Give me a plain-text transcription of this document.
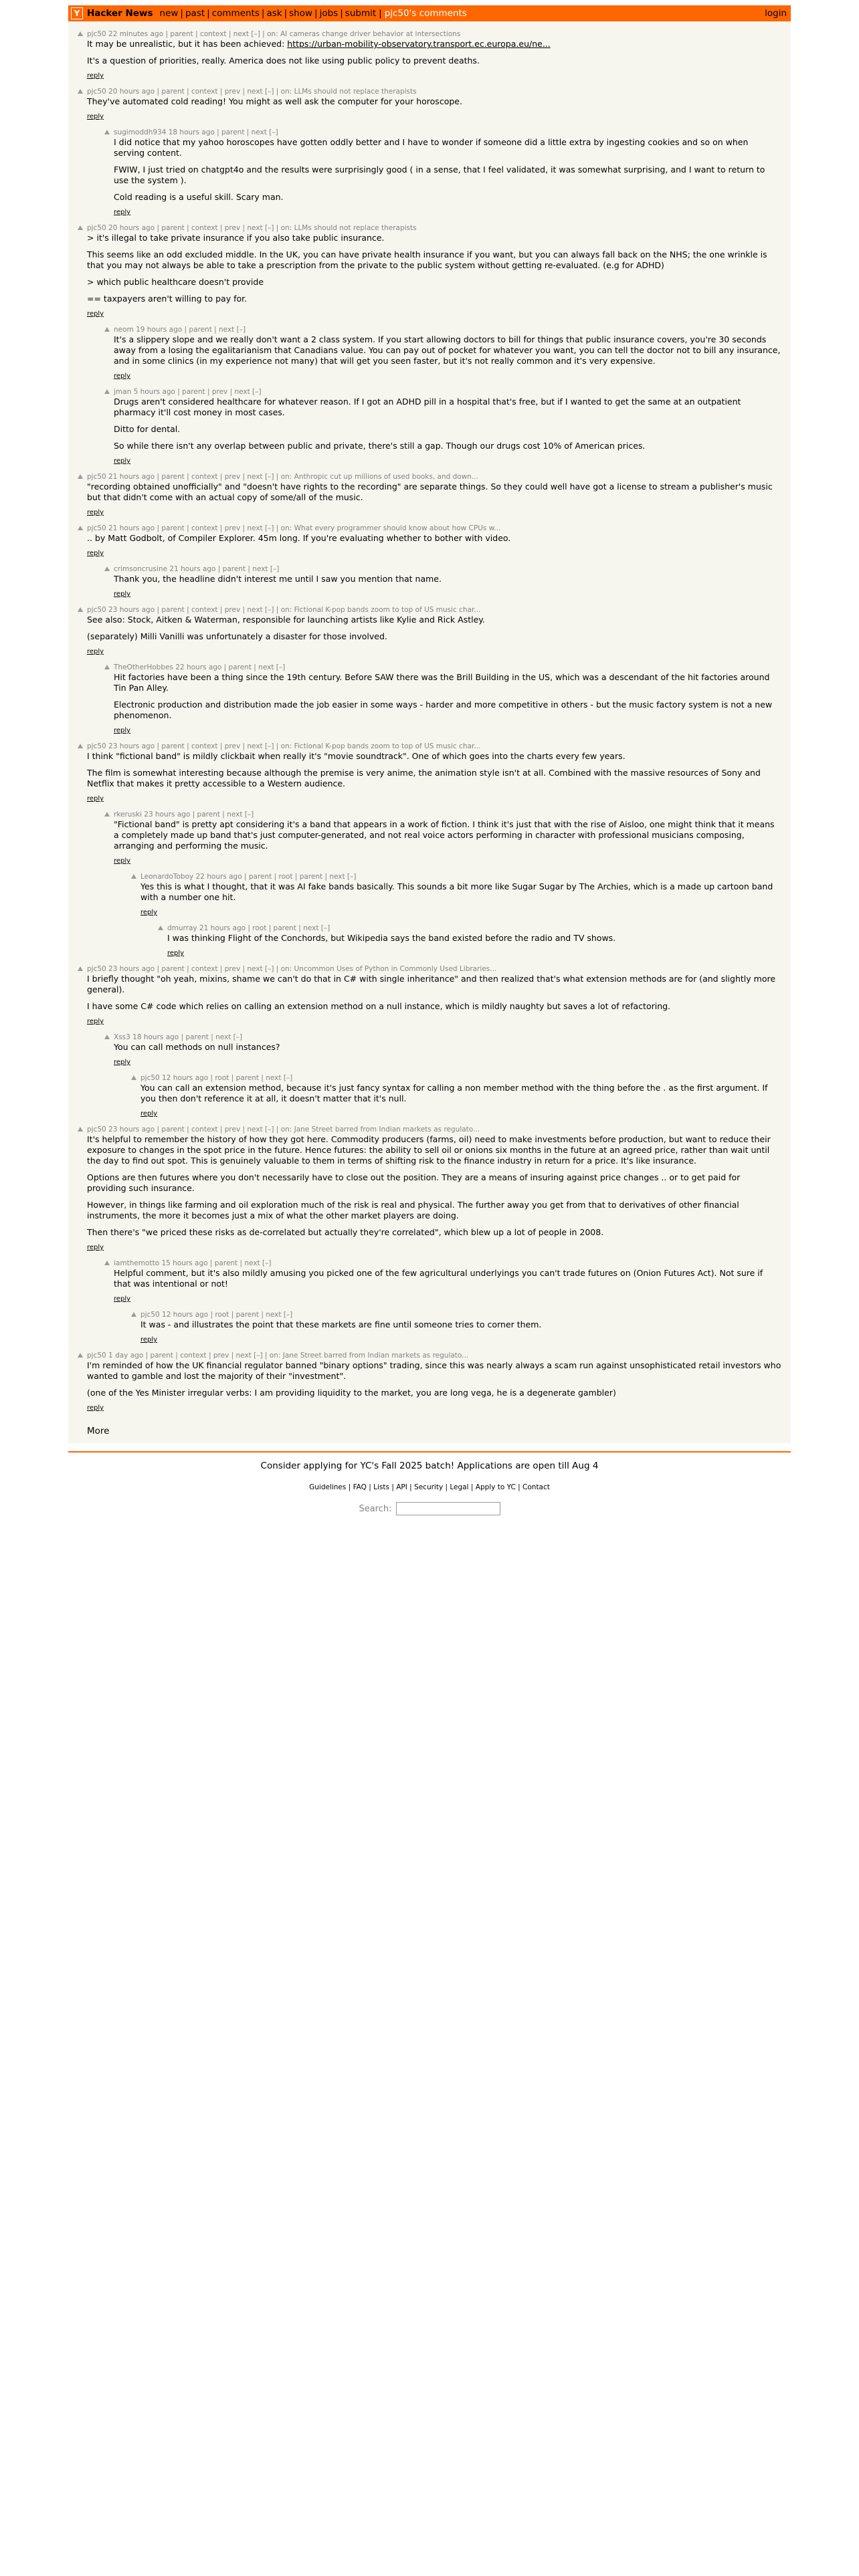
Y Hacker News new | past | comments | ask | show | jobs | submit | pjc50's comments	login
pjc50 22 minutes ago | parent | context | next [–] | on: AI cameras change driver behavior at intersections

It may be unrealistic, but it has been achieved: https://urban-mobility-observatory.transport.ec.europa.eu/ne...

It's a question of priorities, really. America does not like using public policy to prevent deaths.

reply
pjc50 20 hours ago | parent | context | prev | next [–] | on: LLMs should not replace therapists

They've automated cold reading! You might as well ask the computer for your horoscope.

reply
sugimoddh934 18 hours ago | parent | next [–]

I did notice that my yahoo horoscopes have gotten oddly better and I have to wonder if someone did a little extra by ingesting cookies and so on when serving content.

FWIW, I just tried on chatgpt4o and the results were surprisingly good ( in a sense, that I feel validated, it was somewhat surprising, and I want to return to use the system ).

Cold reading is a useful skill. Scary man.

reply
pjc50 20 hours ago | parent | context | prev | next [–] | on: LLMs should not replace therapists

> it's illegal to take private insurance if you also take public insurance.

This seems like an odd excluded middle. In the UK, you can have private health insurance if you want, but you can always fall back on the NHS; the one wrinkle is that you may not always be able to take a prescription from the private to the public system without getting re-evaluated. (e.g for ADHD)

> which public healthcare doesn't provide

== taxpayers aren't willing to pay for.

reply
neom 19 hours ago | parent | next [–]

It's a slippery slope and we really don't want a 2 class system. If you start allowing doctors to bill for things that public insurance covers, you're 30 seconds away from a losing the egalitarianism that Canadians value. You can pay out of pocket for whatever you want, you can tell the doctor not to bill any insurance, and in some clinics (in my experience not many) that will get you seen faster, but it's not really common and it's very expensive.

reply
jman 5 hours ago | parent | prev | next [–]

Drugs aren't considered healthcare for whatever reason. If I got an ADHD pill in a hospital that's free, but if I wanted to get the same at an outpatient pharmacy it'll cost money in most cases.

Ditto for dental.

So while there isn't any overlap between public and private, there's still a gap. Though our drugs cost 10% of American prices.

reply
pjc50 21 hours ago | parent | context | prev | next [–] | on: Anthropic cut up millions of used books, and down...

"recording obtained unofficially" and "doesn't have rights to the recording" are separate things. So they could well have got a license to stream a publisher's music but that didn't come with an actual copy of some/all of the music.

reply
pjc50 21 hours ago | parent | context | prev | next [–] | on: What every programmer should know about how CPUs w...

.. by Matt Godbolt, of Compiler Explorer. 45m long. If you're evaluating whether to bother with video.

reply
crimsoncrusine 21 hours ago | parent | next [–]

Thank you, the headline didn't interest me until I saw you mention that name.

reply
pjc50 23 hours ago | parent | context | prev | next [–] | on: Fictional K-pop bands zoom to top of US music char...

See also: Stock, Aitken & Waterman, responsible for launching artists like Kylie and Rick Astley.

(separately) Milli Vanilli was unfortunately a disaster for those involved.

reply
TheOtherHobbes 22 hours ago | parent | next [–]

Hit factories have been a thing since the 19th century. Before SAW there was the Brill Building in the US, which was a descendant of the hit factories around Tin Pan Alley.

Electronic production and distribution made the job easier in some ways - harder and more competitive in others - but the music factory system is not a new phenomenon.

reply
pjc50 23 hours ago | parent | context | prev | next [–] | on: Fictional K-pop bands zoom to top of US music char...

I think "fictional band" is mildly clickbait when really it's "movie soundtrack". One of which goes into the charts every few years.

The film is somewhat interesting because although the premise is very anime, the animation style isn't at all. Combined with the massive resources of Sony and Netflix that makes it pretty accessible to a Western audience.

reply
rkeruski 23 hours ago | parent | next [–]

"Fictional band" is pretty apt considering it's a band that appears in a work of fiction. I think it's just that with the rise of Aisloo, one might think that it means a completely made up band that's just computer-generated, and not real voice actors performing in character with professional musicians composing, arranging and performing the music.

reply
LeonardoToboy 22 hours ago | parent | root | parent | next [–]

Yes this is what I thought, that it was AI fake bands basically. This sounds a bit more like Sugar Sugar by The Archies, which is a made up cartoon band with a number one hit.

reply
dmurray 21 hours ago | root | parent | next [–]

I was thinking Flight of the Conchords, but Wikipedia says the band existed before the radio and TV shows.

reply
pjc50 23 hours ago | parent | context | prev | next [–] | on: Uncommon Uses of Python in Commonly Used Libraries...

I briefly thought "oh yeah, mixins, shame we can't do that in C# with single inheritance" and then realized that's what extension methods are for (and slightly more general).

I have some C# code which relies on calling an extension method on a null instance, which is mildly naughty but saves a lot of refactoring.

reply
Xss3 18 hours ago | parent | next [–]

You can call methods on null instances?

reply
pjc50 12 hours ago | root | parent | next [–]

You can call an extension method, because it's just fancy syntax for calling a non member method with the thing before the . as the first argument. If you then don't reference it at all, it doesn't matter that it's null.

reply
pjc50 23 hours ago | parent | context | prev | next [–] | on: Jane Street barred from Indian markets as regulato...

It's helpful to remember the history of how they got here. Commodity producers (farms, oil) need to make investments before production, but want to reduce their exposure to changes in the spot price in the future. Hence futures: the ability to sell oil or onions six months in the future at an agreed price, rather than wait until the day to find out spot. This is genuinely valuable to them in terms of shifting risk to the finance industry in return for a price. It's like insurance.

Options are then futures where you don't necessarily have to close out the position. They are a means of insuring against price changes .. or to get paid for providing such insurance.

However, in things like farming and oil exploration much of the risk is real and physical. The further away you get from that to derivatives of other financial instruments, the more it becomes just a mix of what the other market players are doing.

Then there's "we priced these risks as de-correlated but actually they're correlated", which blew up a lot of people in 2008.

reply
iamthemotto 15 hours ago | parent | next [–]

Helpful comment, but it's also mildly amusing you picked one of the few agricultural underlyings you can't trade futures on (Onion Futures Act). Not sure if that was intentional or not!

reply
pjc50 12 hours ago | root | parent | next [–]

It was - and illustrates the point that these markets are fine until someone tries to corner them.

reply
pjc50 1 day ago | parent | context | prev | next [–] | on: Jane Street barred from Indian markets as regulato...

I'm reminded of how the UK financial regulator banned "binary options" trading, since this was nearly always a scam run against unsophisticated retail investors who wanted to gamble and lost the majority of their "investment".

(one of the Yes Minister irregular verbs: I am providing liquidity to the market, you are long vega, he is a degenerate gambler)

reply
More
Consider applying for YC's Fall 2025 batch! Applications are open till Aug 4
Guidelines | FAQ | Lists | API | Security | Legal | Apply to YC | Contact
Search:
